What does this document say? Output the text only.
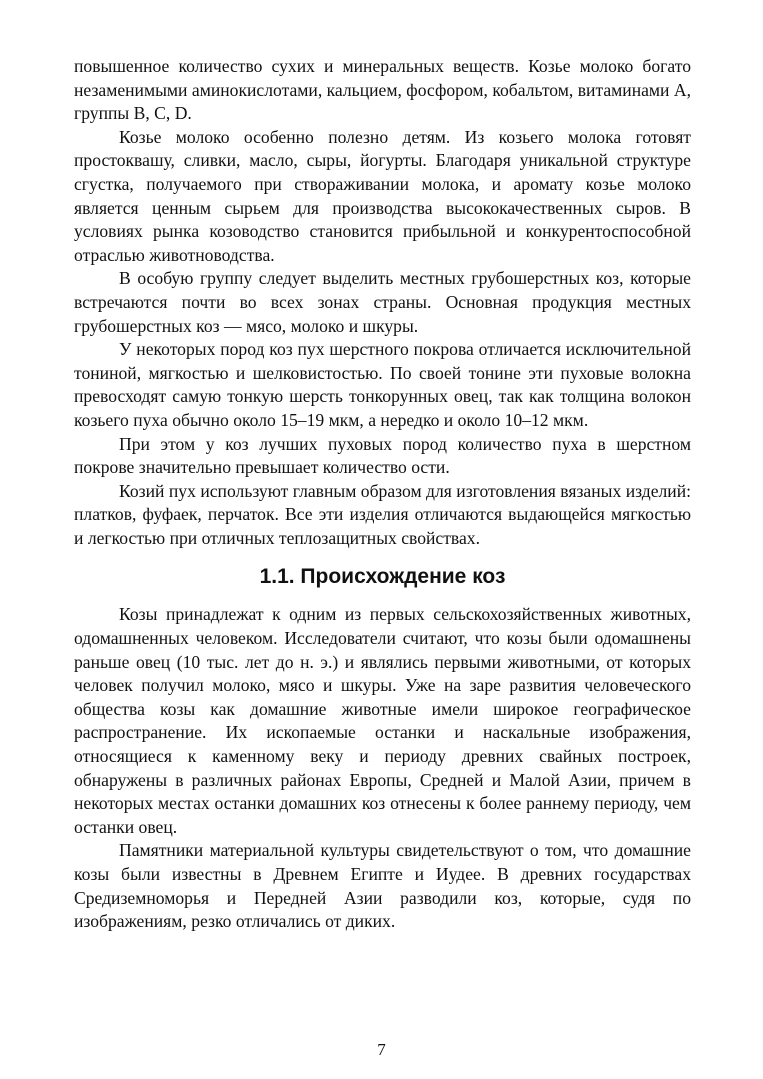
повышенное количество сухих и минеральных веществ. Козье молоко богато незаменимыми аминокислотами, кальцием, фосфором, кобальтом, витаминами А, группы В, С, D.

Козье молоко особенно полезно детям. Из козьего молока готовят простоквашу, сливки, масло, сыры, йогурты. Благодаря уникальной структуре сгустка, получаемого при створаживании молока, и аромату козье молоко является ценным сырьем для производства высококачественных сыров. В условиях рынка козоводство становится прибыльной и конкурентоспособной отраслью животноводства.

В особую группу следует выделить местных грубошерстных коз, которые встречаются почти во всех зонах страны. Основная продукция местных грубошерстных коз — мясо, молоко и шкуры.

У некоторых пород коз пух шерстного покрова отличается исключительной тониной, мягкостью и шелковистостью. По своей тонине эти пуховые волокна превосходят самую тонкую шерсть тонкорунных овец, так как толщина волокон козьего пуха обычно около 15–19 мкм, а нередко и около 10–12 мкм.

При этом у коз лучших пуховых пород количество пуха в шерстном покрове значительно превышает количество ости.

Козий пух используют главным образом для изготовления вязаных изделий: платков, фуфаек, перчаток. Все эти изделия отличаются выдающейся мягкостью и легкостью при отличных теплозащитных свойствах.

1.1. Происхождение коз

Козы принадлежат к одним из первых сельскохозяйственных животных, одомашненных человеком. Исследователи считают, что козы были одомашнены раньше овец (10 тыс. лет до н. э.) и являлись первыми животными, от которых человек получил молоко, мясо и шкуры. Уже на заре развития человеческого общества козы как домашние животные имели широкое географическое распространение. Их ископаемые останки и наскальные изображения, относящиеся к каменному веку и периоду древних свайных построек, обнаружены в различных районах Европы, Средней и Малой Азии, причем в некоторых местах останки домашних коз отнесены к более раннему периоду, чем останки овец.

Памятники материальной культуры свидетельствуют о том, что домашние козы были известны в Древнем Египте и Иудее. В древних государствах Средиземноморья и Передней Азии разводили коз, которые, судя по изображениям, резко отличались от диких.

7
